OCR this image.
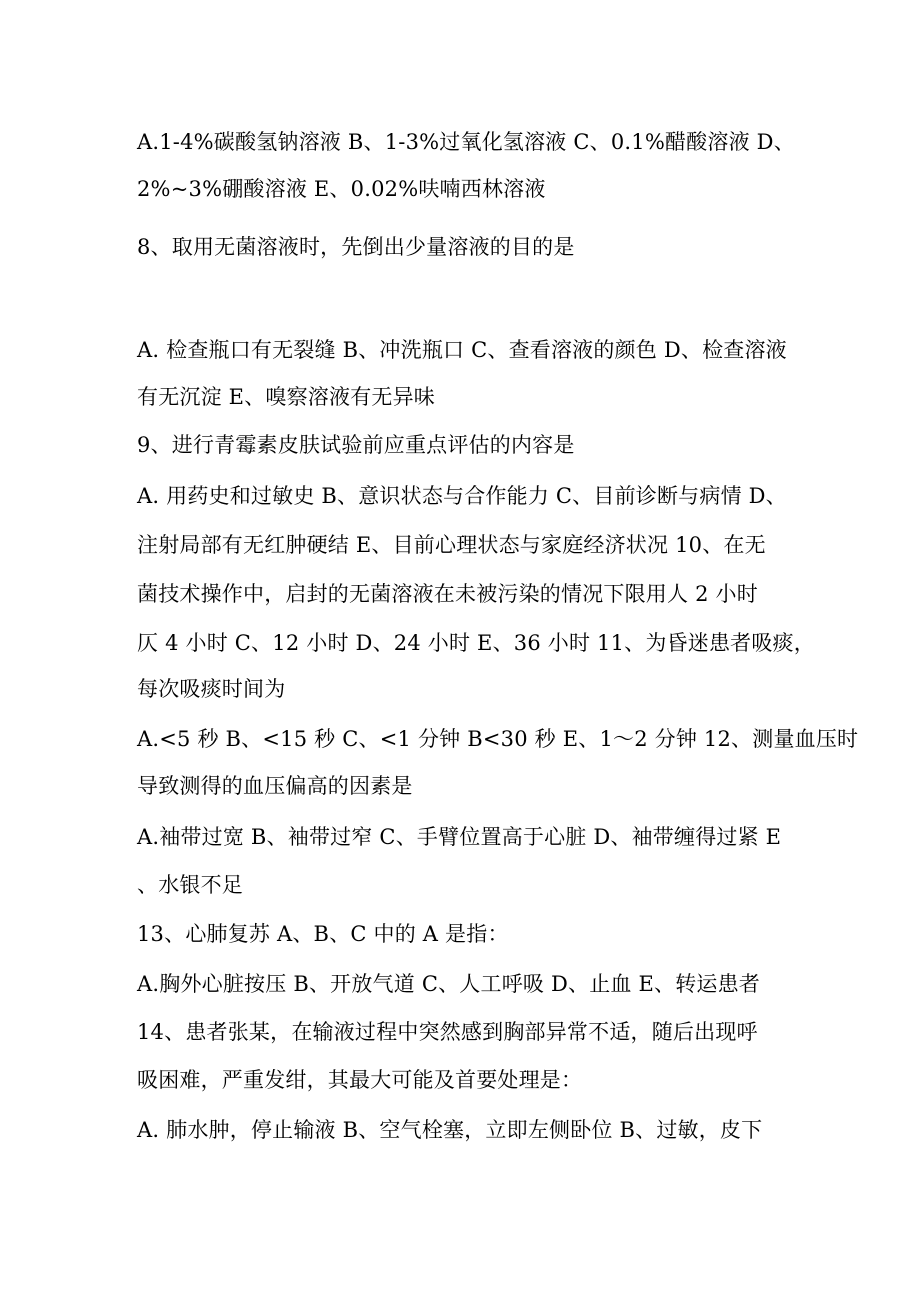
A.1-4%碳酸氢钠溶液 B、1-3%过氧化氢溶液 C、0.1%醋酸溶液 D、
2%~3%硼酸溶液 E、0.02%呋喃西林溶液
8、取用无菌溶液时，先倒出少量溶液的目的是
A. 检查瓶口有无裂缝 B、冲洗瓶口 C、查看溶液的颜色 D、检查溶液
有无沉淀 E、嗅察溶液有无异味
9、进行青霉素皮肤试验前应重点评估的内容是
A. 用药史和过敏史 B、意识状态与合作能力 C、目前诊断与病情 D、
注射局部有无红肿硬结 E、目前心理状态与家庭经济状况 10、在无
菌技术操作中，启封的无菌溶液在未被污染的情况下限用人 2 小时
仄 4 小时 C、12 小时 D、24 小时 E、36 小时 11、为昏迷患者吸痰，
每次吸痰时间为
A.<5 秒 B、<15 秒 C、<1 分钟 B<30 秒 E、1～2 分钟 12、测量血压时
导致测得的血压偏高的因素是
A.袖带过宽 B、袖带过窄 C、手臂位置高于心脏 D、袖带缠得过紧 E
、水银不足
13、心肺复苏 A、B、C 中的 A 是指：
A.胸外心脏按压 B、开放气道 C、人工呼吸 D、止血 E、转运患者
14、患者张某，在输液过程中突然感到胸部异常不适，随后出现呼
吸困难，严重发绀，其最大可能及首要处理是：
A. 肺水肿，停止输液 B、空气栓塞，立即左侧卧位 B、过敏，皮下
